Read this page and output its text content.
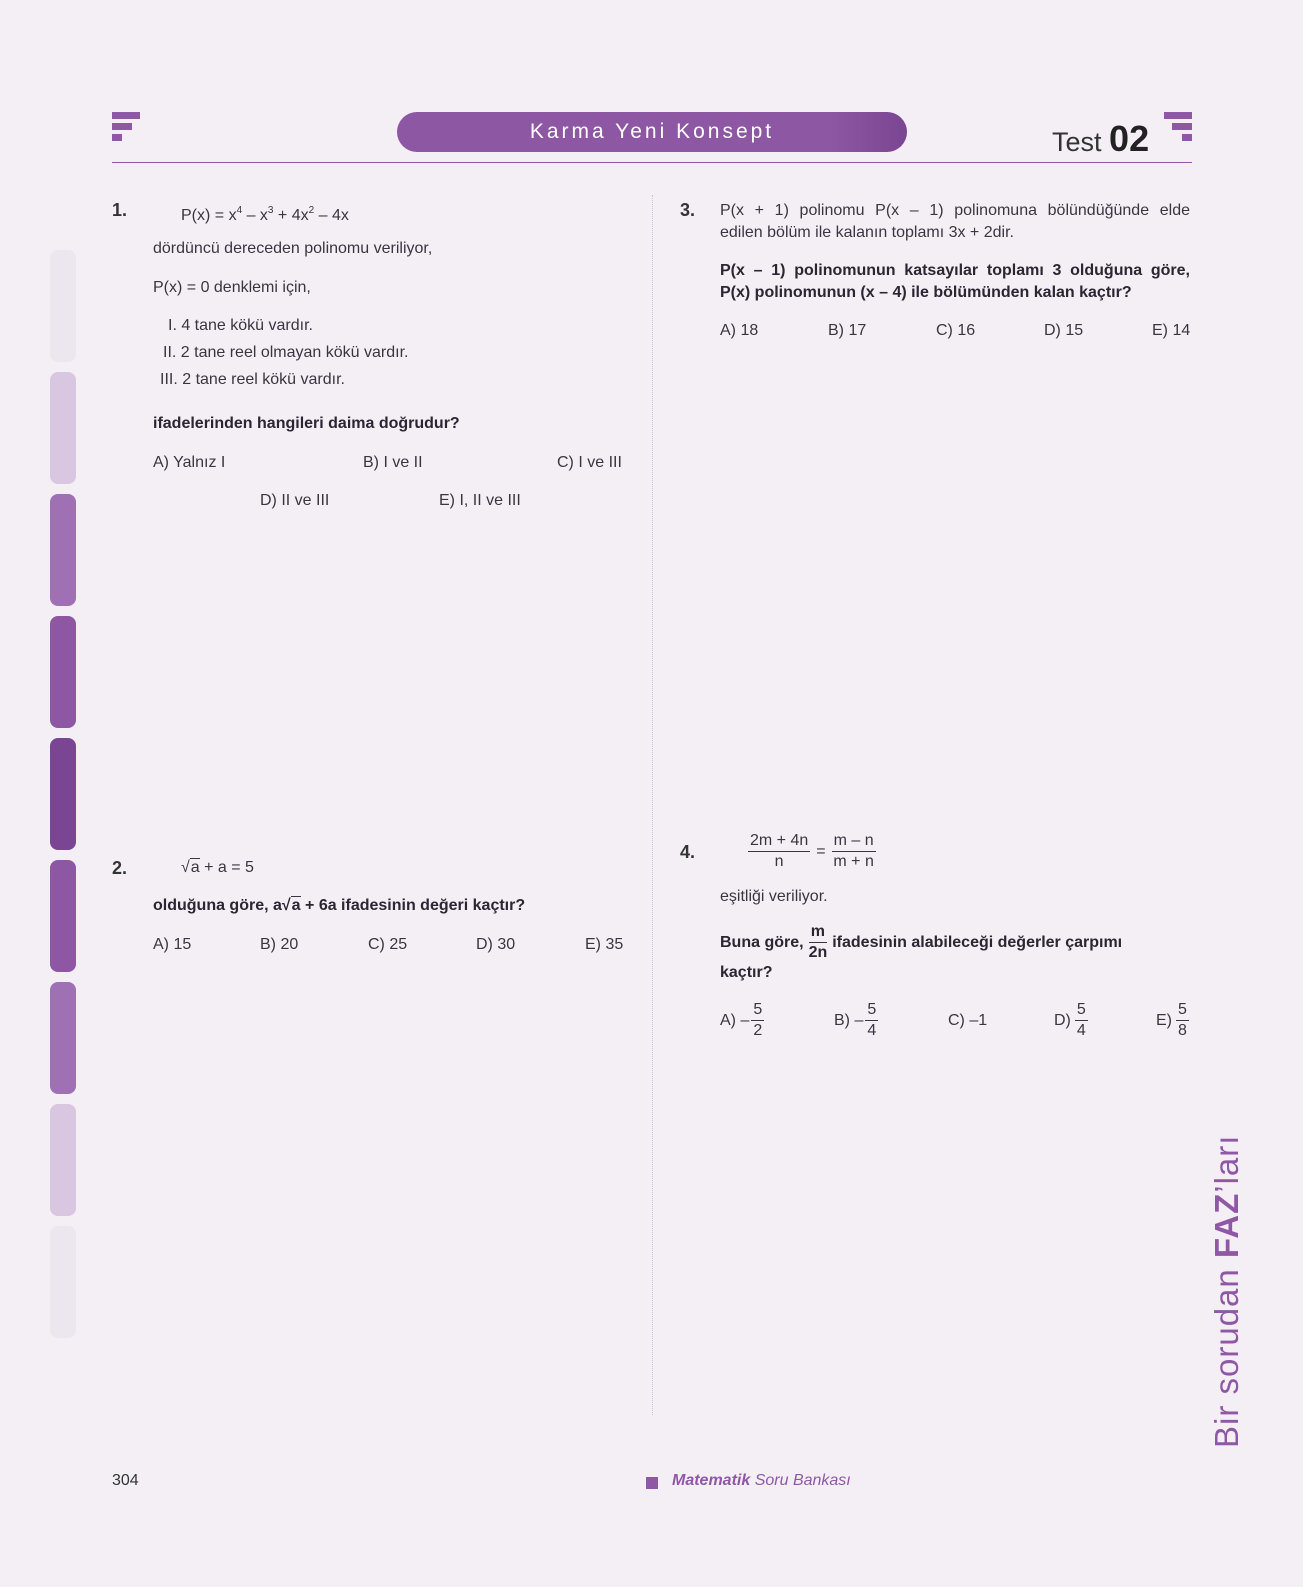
Karma Yeni Konsept	Test 02
1.	$P(x) = x^4 - x^3 + 4x^2 - 4x$
dördüncü dereceden polinomu veriliyor,
P(x) = 0 denklemi için,
I. 4 tane kökü vardır.
II. 2 tane reel olmayan kökü vardır.
III. 2 tane reel kökü vardır.
ifadelerinden hangileri daima doğrudur?
A) Yalnız I	B) I ve II	C) I ve III
D) II ve III	E) I, II ve III
2.	√a + a = 5
olduğuna göre, a√a + 6a ifadesinin değeri kaçtır?
A) 15	B) 20	C) 25	D) 30	E) 35
3. P(x + 1) polinomu P(x – 1) polinomuna bölündüğünde elde
edilen bölüm ile kalanın toplamı 3x + 2dir.
P(x – 1) polinomunun katsayılar toplamı 3 olduğuna göre,
P(x) polinomunun (x – 4) ile bölümünden kalan kaçtır?
A) 18	B) 17	C) 16	D) 15	E) 14
4.	$\frac{2m + 4n}{n} = \frac{m - n}{m + n}$
eşitliği veriliyor.
Buna göre, $\frac{m}{2n}$ ifadesinin alabileceği değerler çarpımı
kaçtır?
$A) - \frac{5}{2}$	$B) - \frac{5}{4}$	C) –1	$D) \frac{5}{4}$	$E) \frac{5}{8}$
Bir sorudan FAZ’ları
304	Matematik Soru Bankası
